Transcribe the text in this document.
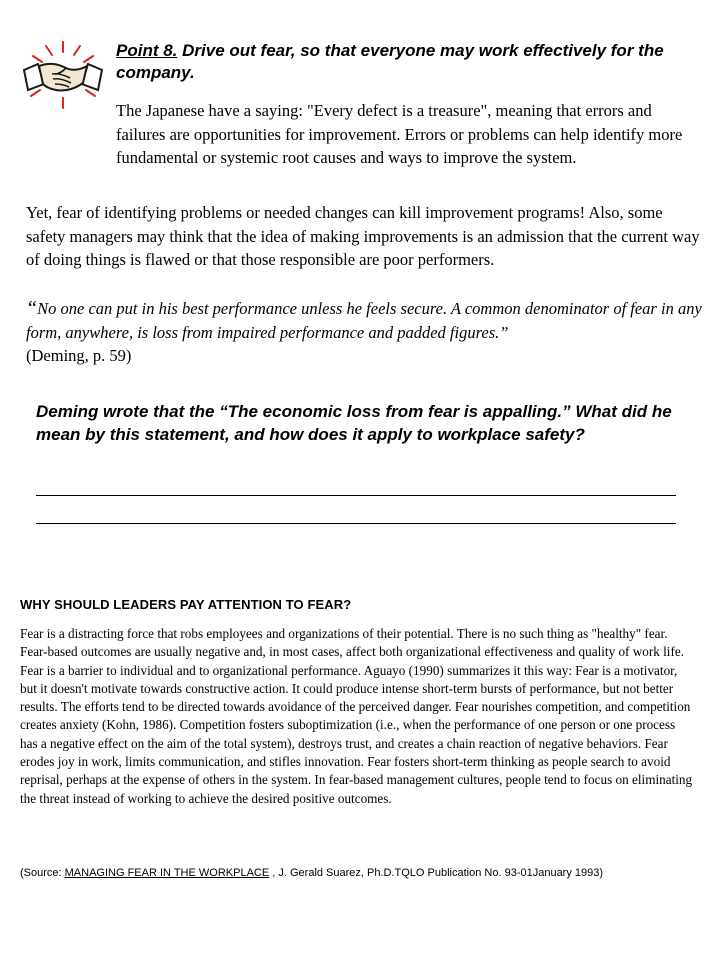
Point 8. Drive out fear, so that everyone may work effectively for the company.
The Japanese have a saying: "Every defect is a treasure", meaning that errors and failures are opportunities for improvement. Errors or problems can help identify more fundamental or systemic root causes and ways to improve the system.
Yet, fear of identifying problems or needed changes can kill improvement programs! Also, some safety managers may think that the idea of making improvements is an admission that the current way of doing things is flawed or that those responsible are poor performers.
“No one can put in his best performance unless he feels secure. A common denominator of fear in any form, anywhere, is loss from impaired performance and padded figures.”
(Deming, p. 59)
Deming wrote that the “The economic loss from fear is appalling.” What did he mean by this statement, and how does it apply to workplace safety?
WHY SHOULD LEADERS PAY ATTENTION TO FEAR?
Fear is a distracting force that robs employees and organizations of their potential. There is no such thing as "healthy" fear. Fear-based outcomes are usually negative and, in most cases, affect both organizational effectiveness and quality of work life. Fear is a barrier to individual and to organizational performance. Aguayo (1990) summarizes it this way: Fear is a motivator, but it doesn't motivate towards constructive action. It could produce intense short-term bursts of performance, but not better results. The efforts tend to be directed towards avoidance of the perceived danger. Fear nourishes competition, and competition creates anxiety (Kohn, 1986). Competition fosters suboptimization (i.e., when the performance of one person or one process has a negative effect on the aim of the total system), destroys trust, and creates a chain reaction of negative behaviors. Fear erodes joy in work, limits communication, and stifles innovation. Fear fosters short-term thinking as people search to avoid reprisal, perhaps at the expense of others in the system. In fear-based management cultures, people tend to focus on eliminating the threat instead of working to achieve the desired positive outcomes.
(Source: MANAGING FEAR IN THE WORKPLACE , J. Gerald Suarez, Ph.D.TQLO Publication No. 93-01January 1993)
